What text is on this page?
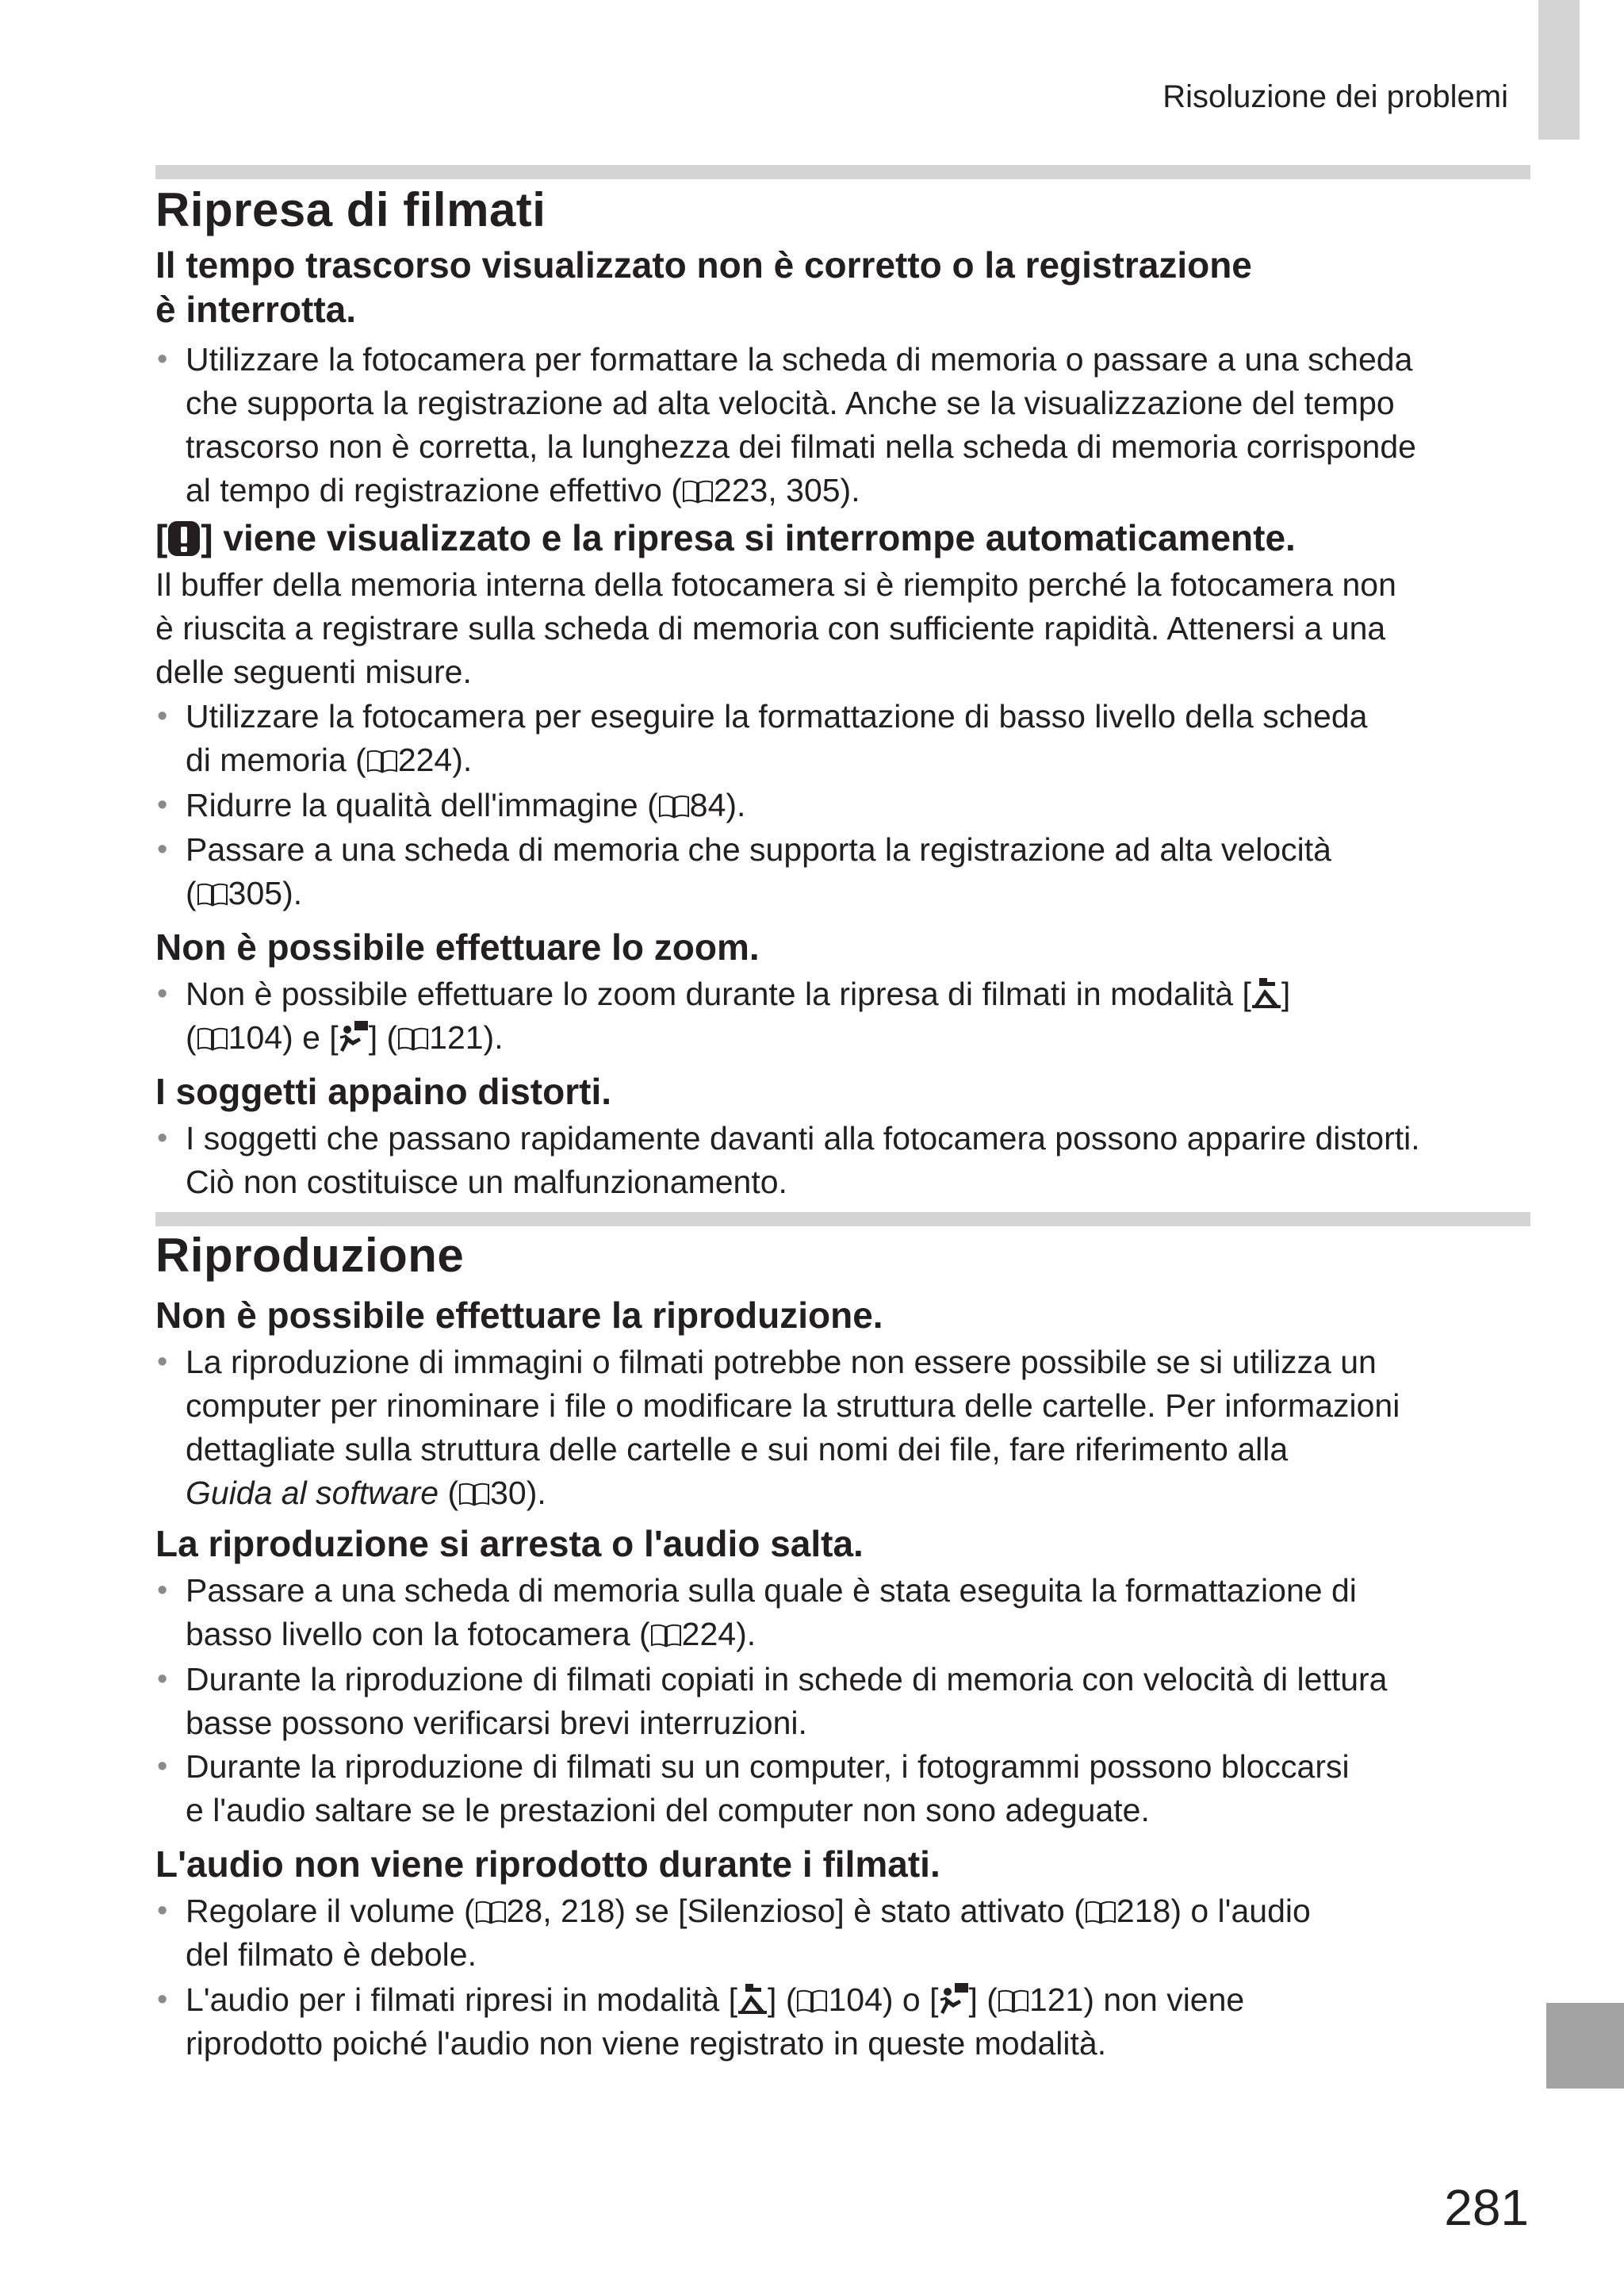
Risoluzione dei problemi
Ripresa di filmati
Il tempo trascorso visualizzato non è corretto o la registrazione
è interrotta.
• Utilizzare la fotocamera per formattare la scheda di memoria o passare a una scheda
che supporta la registrazione ad alta velocità. Anche se la visualizzazione del tempo
trascorso non è corretta, la lunghezza dei filmati nella scheda di memoria corrisponde
al tempo di registrazione effettivo ( 223, 305).
[ ] viene visualizzato e la ripresa si interrompe automaticamente.
Il buffer della memoria interna della fotocamera si è riempito perché la fotocamera non
è riuscita a registrare sulla scheda di memoria con sufficiente rapidità. Attenersi a una
delle seguenti misure.
• Utilizzare la fotocamera per eseguire la formattazione di basso livello della scheda
di memoria ( 224).
• Ridurre la qualità dell'immagine ( 84).
• Passare a una scheda di memoria che supporta la registrazione ad alta velocità
( 305).
Non è possibile effettuare lo zoom.
• Non è possibile effettuare lo zoom durante la ripresa di filmati in modalità [ ]
( 104) e [ ] ( 121).
I soggetti appaino distorti.
• I soggetti che passano rapidamente davanti alla fotocamera possono apparire distorti.
Ciò non costituisce un malfunzionamento.
Riproduzione
Non è possibile effettuare la riproduzione.
• La riproduzione di immagini o filmati potrebbe non essere possibile se si utilizza un
computer per rinominare i file o modificare la struttura delle cartelle. Per informazioni
dettagliate sulla struttura delle cartelle e sui nomi dei file, fare riferimento alla
Guida al software ( 30).
La riproduzione si arresta o l'audio salta.
• Passare a una scheda di memoria sulla quale è stata eseguita la formattazione di
basso livello con la fotocamera ( 224).
• Durante la riproduzione di filmati copiati in schede di memoria con velocità di lettura
basse possono verificarsi brevi interruzioni.
• Durante la riproduzione di filmati su un computer, i fotogrammi possono bloccarsi
e l'audio saltare se le prestazioni del computer non sono adeguate.
L'audio non viene riprodotto durante i filmati.
• Regolare il volume ( 28, 218) se [Silenzioso] è stato attivato ( 218) o l'audio
del filmato è debole.
• L'audio per i filmati ripresi in modalità [ ] ( 104) o [ ] ( 121) non viene
riprodotto poiché l'audio non viene registrato in queste modalità.
281
